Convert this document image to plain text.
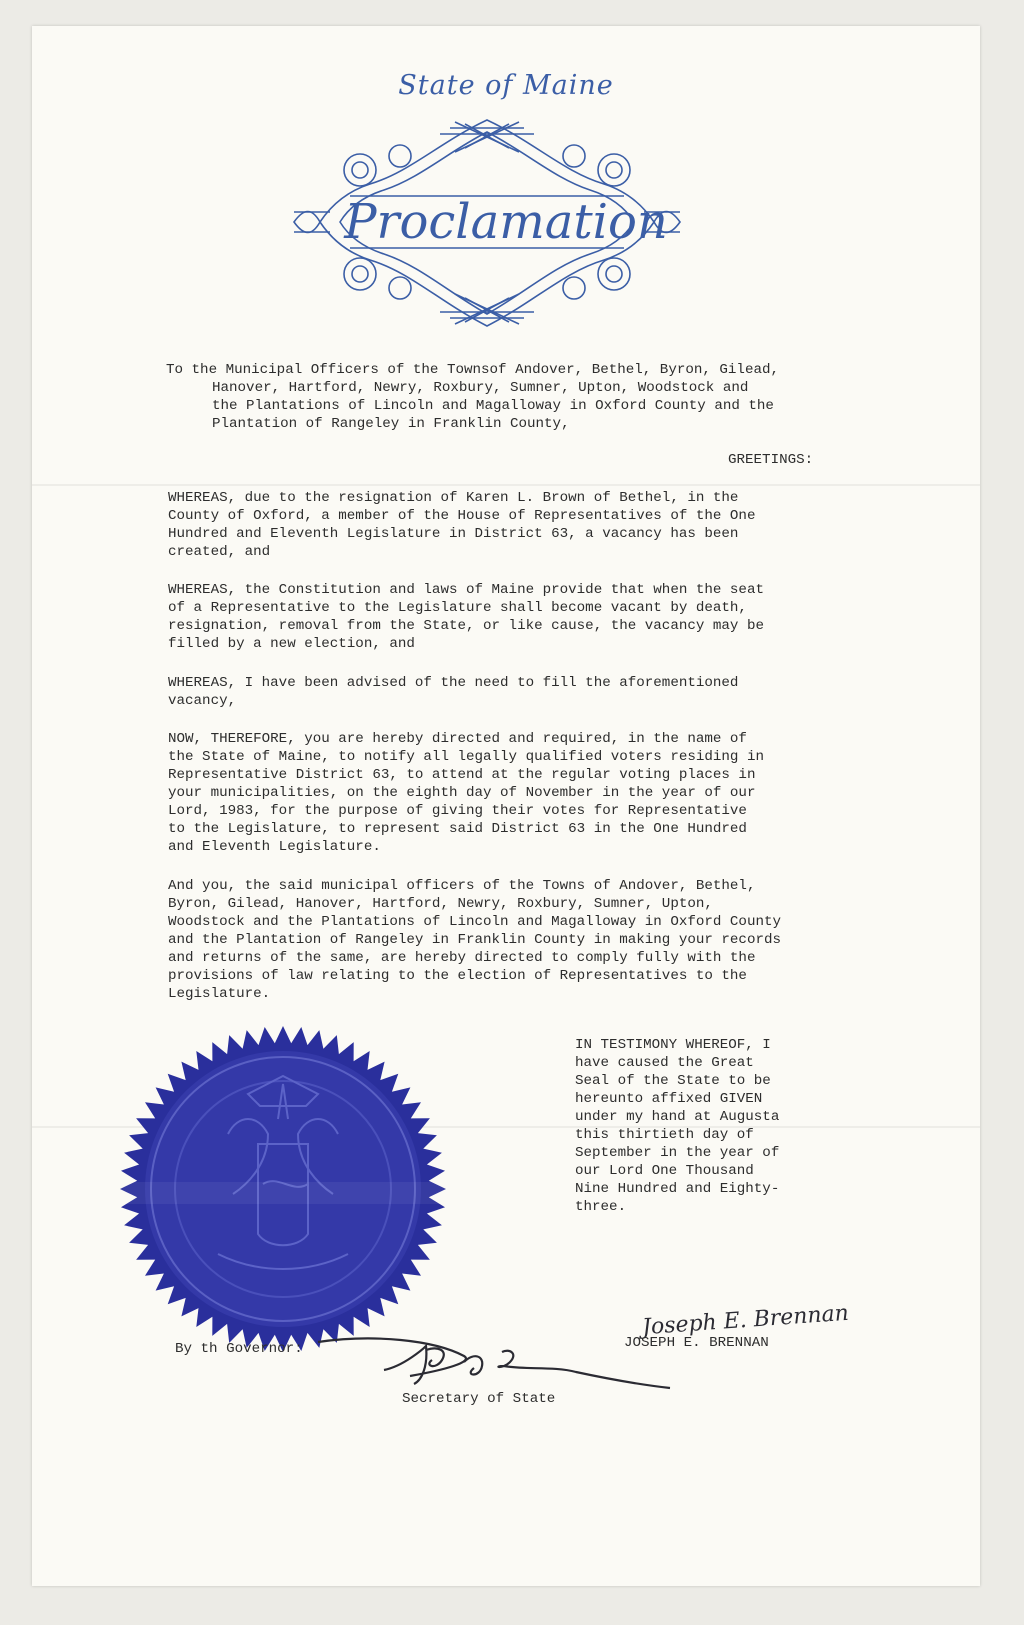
State of Maine
Proclamation
To the Municipal Officers of the Townsof Andover, Bethel, Byron, Gilead,
Hanover, Hartford, Newry, Roxbury, Sumner, Upton, Woodstock and
the Plantations of Lincoln and Magalloway in Oxford County and the
Plantation of Rangeley in Franklin County,
GREETINGS:
WHEREAS, due to the resignation of Karen L. Brown of Bethel, in the
County of Oxford, a member of the House of Representatives of the One
Hundred and Eleventh Legislature in District 63, a vacancy has been
created, and
WHEREAS, the Constitution and laws of Maine provide that when the seat
of a Representative to the Legislature shall become vacant by death,
resignation, removal from the State, or like cause, the vacancy may be
filled by a new election, and
WHEREAS, I have been advised of the need to fill the aforementioned
vacancy,
NOW, THEREFORE, you are hereby directed and required, in the name of
the State of Maine, to notify all legally qualified voters residing in
Representative District 63, to attend at the regular voting places in
your municipalities, on the eighth day of November in the year of our
Lord, 1983, for the purpose of giving their votes for Representative
to the Legislature, to represent said District 63 in the One Hundred
and Eleventh Legislature.
And you, the said municipal officers of the Towns of Andover, Bethel,
Byron, Gilead, Hanover, Hartford, Newry, Roxbury, Sumner, Upton,
Woodstock and the Plantations of Lincoln and Magalloway in Oxford County
and the Plantation of Rangeley in Franklin County in making your records
and returns of the same, are hereby directed to comply fully with the
provisions of law relating to the election of Representatives to the
Legislature.
IN TESTIMONY WHEREOF, I
have caused the Great
Seal of the State to be
hereunto affixed GIVEN
under my hand at Augusta
this thirtieth day of
September in the year of
our Lord One Thousand
Nine Hundred and Eighty-
three.
Joseph E. Brennan
JOSEPH E. BRENNAN
By th Governor:
Secretary of State
